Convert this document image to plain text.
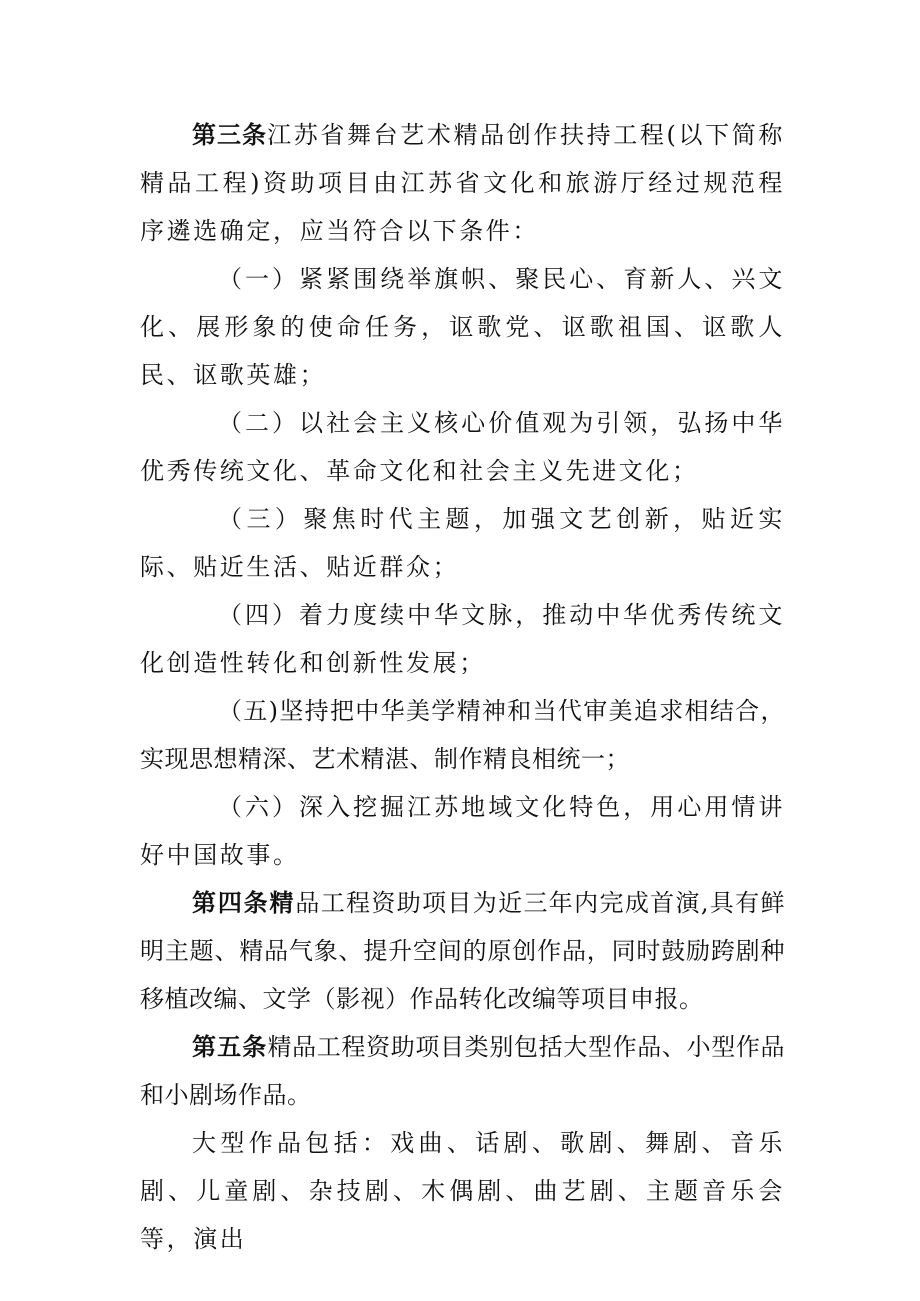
第三条江苏省舞台艺术精品创作扶持工程(以下简称精品工程)资助项目由江苏省文化和旅游厅经过规范程序遴选确定，应当符合以下条件：

（一）紧紧围绕举旗帜、聚民心、育新人、兴文化、展形象的使命任务，讴歌党、讴歌祖国、讴歌人民、讴歌英雄；

（二）以社会主义核心价值观为引领，弘扬中华优秀传统文化、革命文化和社会主义先进文化；

（三）聚焦时代主题，加强文艺创新，贴近实际、贴近生活、贴近群众；

（四）着力度续中华文脉，推动中华优秀传统文化创造性转化和创新性发展；

（五)坚持把中华美学精神和当代审美追求相结合，实现思想精深、艺术精湛、制作精良相统一；

（六）深入挖掘江苏地域文化特色，用心用情讲好中国故事。

第四条精品工程资助项目为近三年内完成首演,具有鲜明主题、精品气象、提升空间的原创作品，同时鼓励跨剧种移植改编、文学（影视）作品转化改编等项目申报。

第五条精品工程资助项目类别包括大型作品、小型作品和小剧场作品。

大型作品包括：戏曲、话剧、歌剧、舞剧、音乐剧、儿童剧、杂技剧、木偶剧、曲艺剧、主题音乐会等，演出
